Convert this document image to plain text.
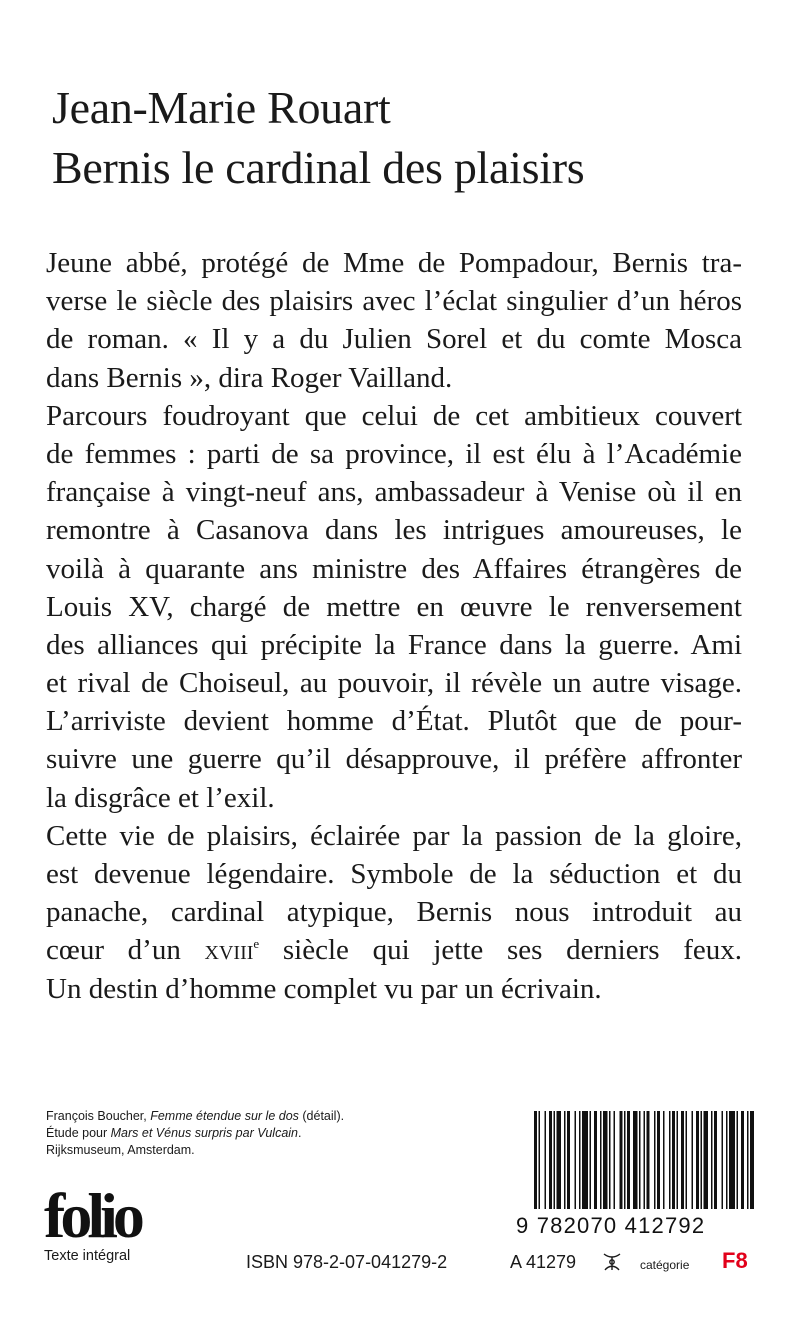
Jean-Marie Rouart
Bernis le cardinal des plaisirs
Jeune abbé, protégé de Mme de Pompadour, Bernis tra-
verse le siècle des plaisirs avec l’éclat singulier d’un héros
de roman. « Il y a du Julien Sorel et du comte Mosca
dans Bernis », dira Roger Vailland.
Parcours foudroyant que celui de cet ambitieux couvert
de femmes : parti de sa province, il est élu à l’Académie
française à vingt-neuf ans, ambassadeur à Venise où il en
remontre à Casanova dans les intrigues amoureuses, le
voilà à quarante ans ministre des Affaires étrangères de
Louis XV, chargé de mettre en œuvre le renversement
des alliances qui précipite la France dans la guerre. Ami
et rival de Choiseul, au pouvoir, il révèle un autre visage.
L’arriviste devient homme d’État. Plutôt que de pour-
suivre une guerre qu’il désapprouve, il préfère affronter
la disgrâce et l’exil.
Cette vie de plaisirs, éclairée par la passion de la gloire,
est devenue légendaire. Symbole de la séduction et du
panache, cardinal atypique, Bernis nous introduit au
cœur d’un XVIIIe siècle qui jette ses derniers feux.
Un destin d’homme complet vu par un écrivain.
François Boucher, Femme étendue sur le dos (détail).
Étude pour Mars et Vénus surpris par Vulcain.
Rijksmuseum, Amsterdam.
folio
Texte intégral
9 782070 412792
ISBN 978-2-07-041279-2	A 41279	catégorie F8
